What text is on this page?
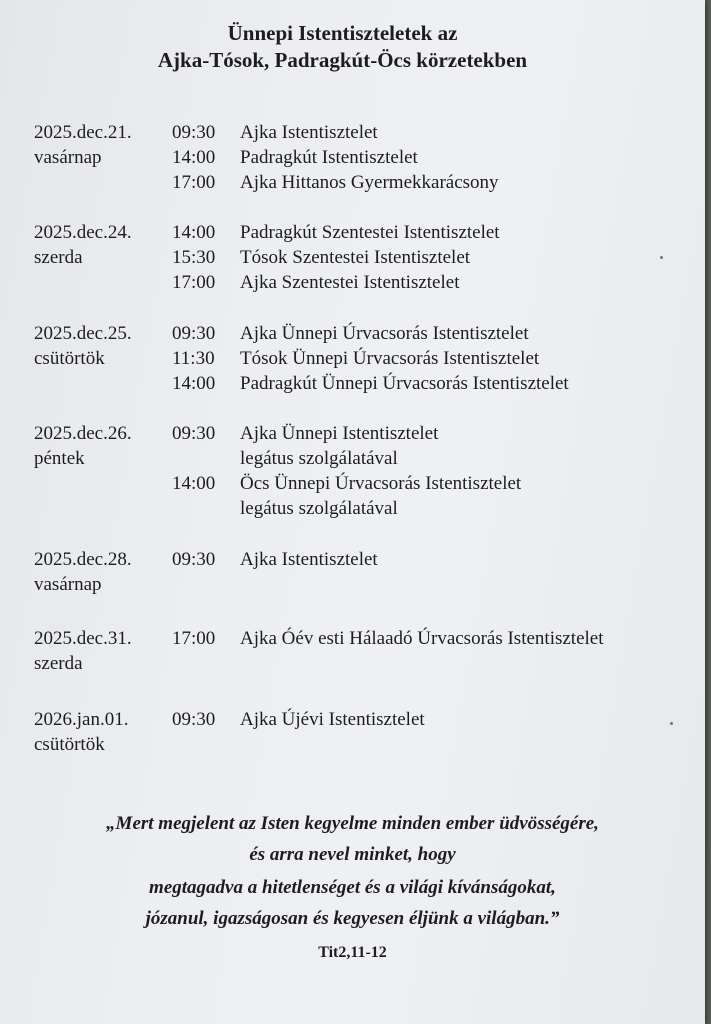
Ünnepi Istentiszteletek az
Ajka-Tósok, Padragkút-Öcs körzetekben
2025.dec.21.
vasárnap
09:30 Ajka Istentisztelet
14:00 Padragkút Istentisztelet
17:00 Ajka Hittanos Gyermekkarácsony
2025.dec.24.
szerda
14:00 Padragkút Szentestei Istentisztelet
15:30 Tósok Szentestei Istentisztelet
17:00 Ajka Szentestei Istentisztelet
2025.dec.25.
csütörtök
09:30 Ajka Ünnepi Úrvacsorás Istentisztelet
11:30 Tósok Ünnepi Úrvacsorás Istentisztelet
14:00 Padragkút Ünnepi Úrvacsorás Istentisztelet
2025.dec.26.
péntek
09:30 Ajka Ünnepi Istentisztelet
legátus szolgálatával
14:00 Öcs Ünnepi Úrvacsorás Istentisztelet
legátus szolgálatával
2025.dec.28.
vasárnap
09:30 Ajka Istentisztelet
2025.dec.31.
szerda
17:00 Ajka Óév esti Hálaadó Úrvacsorás Istentisztelet
2026.jan.01.
csütörtök
09:30 Ajka Újévi Istentisztelet
„Mert megjelent az Isten kegyelme minden ember üdvösségére,
és arra nevel minket, hogy
megtagadva a hitetlenséget és a világi kívánságokat,
józanul, igazságosan és kegyesen éljünk a világban.”
Tit2,11-12
